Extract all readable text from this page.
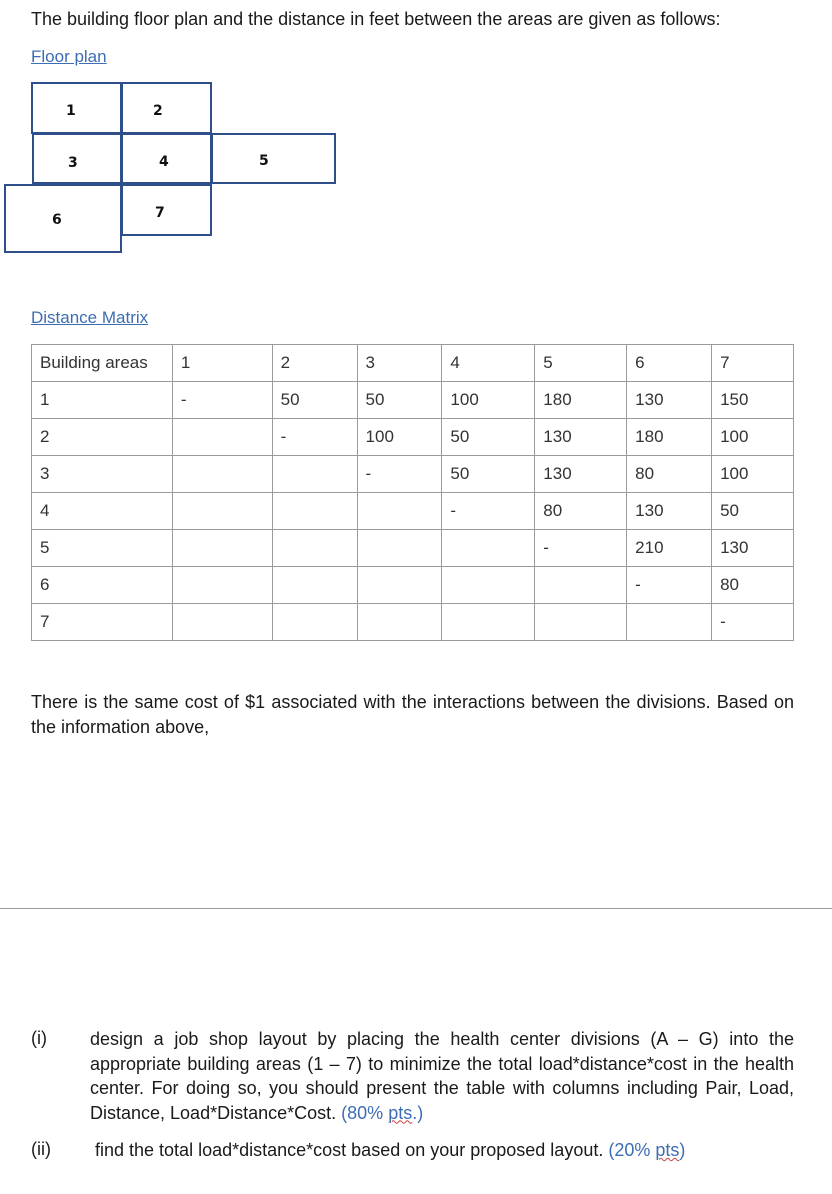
The building floor plan and the distance in feet between the areas are given as follows:
Floor plan
1	2
3	4	5
6	7
Distance Matrix
Building areas	1	2	3	4	5	6	7
1	-	50	50	100	180	130	150
2		-	100	50	130	180	100
3			-	50	130	80	100
4				-	80	130	50
5					-	210	130
6						-	80
7							-
There is the same cost of $1 associated with the interactions between the divisions. Based on the information above,
(i) design a job shop layout by placing the health center divisions (A – G) into the appropriate building areas (1 – 7) to minimize the total load*distance*cost in the health center. For doing so, you should present the table with columns including Pair, Load, Distance, Load*Distance*Cost. (80% pts.)
(ii) find the total load*distance*cost based on your proposed layout. (20% pts)
